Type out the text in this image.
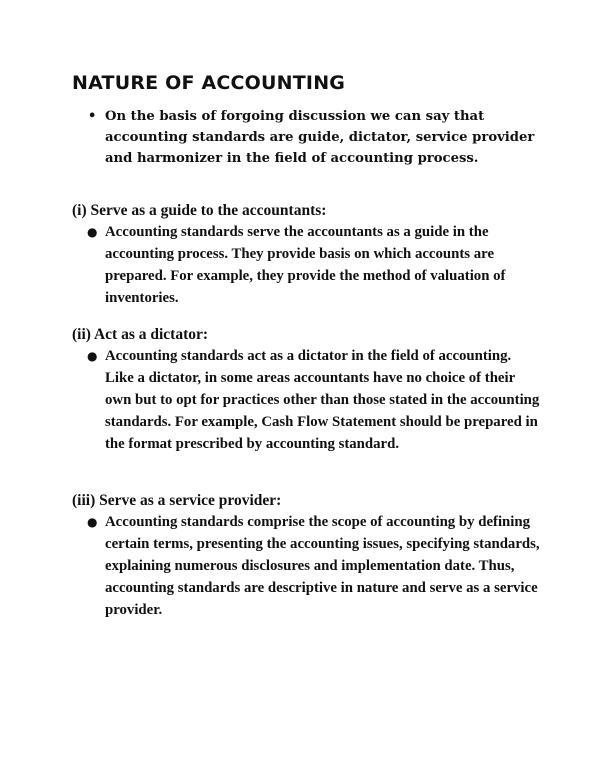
NATURE OF ACCOUNTING
• On the basis of forgoing discussion we can say that accounting standards are guide, dictator, service provider and harmonizer in the field of accounting process.
(i) Serve as a guide to the accountants:
● Accounting standards serve the accountants as a guide in the accounting process. They provide basis on which accounts are prepared. For example, they provide the method of valuation of inventories.
(ii) Act as a dictator:
● Accounting standards act as a dictator in the field of accounting. Like a dictator, in some areas accountants have no choice of their own but to opt for practices other than those stated in the accounting standards. For example, Cash Flow Statement should be prepared in the format prescribed by accounting standard.
(iii) Serve as a service provider:
● Accounting standards comprise the scope of accounting by defining certain terms, presenting the accounting issues, specifying standards, explaining numerous disclosures and implementation date. Thus, accounting standards are descriptive in nature and serve as a service provider.
